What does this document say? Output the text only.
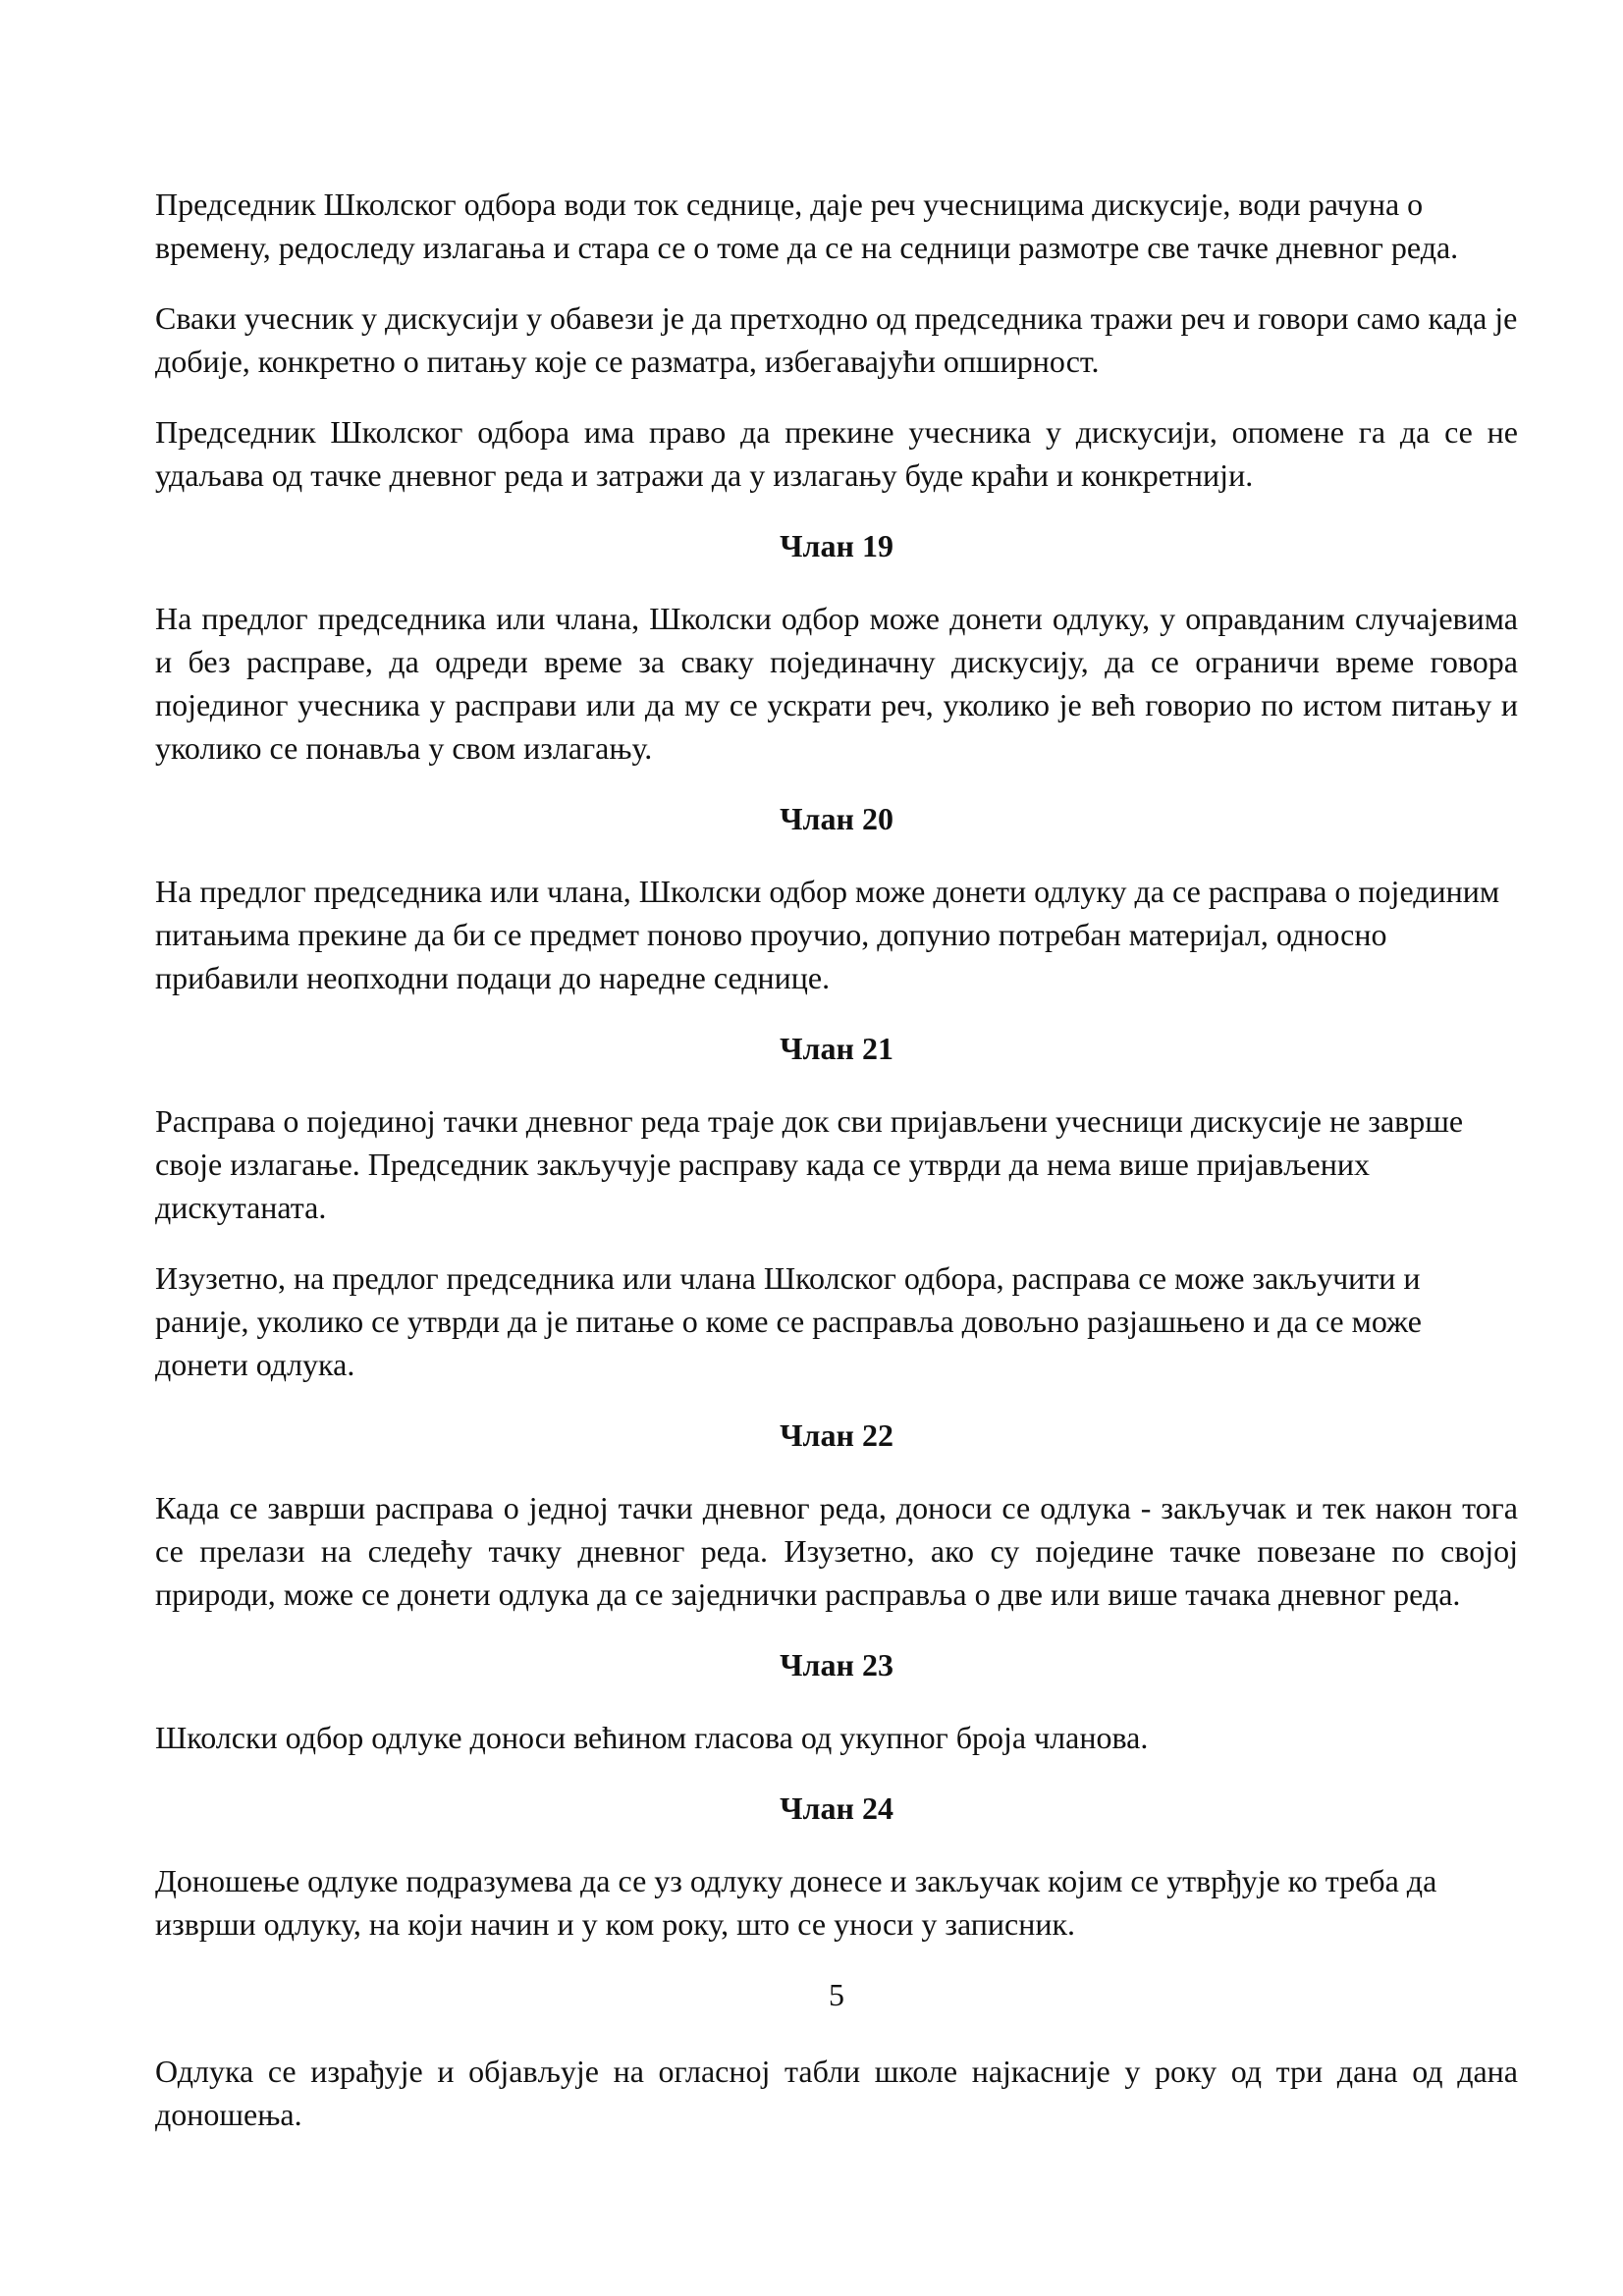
Председник Школског одбора води ток седнице, даје реч учесницима дискусије, води рачуна о времену, редоследу излагања и стара се о томе да се на седници размотре све тачке дневног реда.

Сваки учесник у дискусији у обавези је да претходно од председника тражи реч и говори само када је добије, конкретно о питању које се разматра, избегавајући опширност.

Председник Школског одбора има право да прекине учесника у дискусији, опомене га да се не удаљава од тачке дневног реда и затражи да у излагању буде краћи и конкретнији.

Члан 19

На предлог председника или члана, Школски одбор може донети одлуку, у оправданим случајевима и без расправе, да одреди време за сваку појединачну дискусију, да се ограничи време говора појединог учесника у расправи или да му се ускрати реч, уколико је већ говорио по истом питању и уколико се понавља у свом излагању.

Члан 20

На предлог председника или члана, Школски одбор може донети одлуку да се расправа о појединим питањима прекине да би се предмет поново проучио, допунио потребан материјал, односно прибавили неопходни подаци до наредне седнице.

Члан 21

Расправа о појединој тачки дневног реда траје док сви пријављени учесници дискусије не заврше своје излагање. Председник закључује расправу када се утврди да нема више пријављених дискутаната.

Изузетно, на предлог председника или члана Школског одбора, расправа се може закључити и раније, уколико се утврди да је питање о коме се расправља довољно разјашњено и да се може донети одлука.

Члан 22

Када се заврши расправа о једној тачки дневног реда, доноси се одлука - закључак и тек након тога се прелази на следећу тачку дневног реда. Изузетно, ако су поједине тачке повезане по својој природи, може се донети одлука да се заједнички расправља о две или више тачака дневног реда.

Члан 23

Школски одбор одлуке доноси већином гласова од укупног броја чланова.

Члан 24

Доношење одлуке подразумева да се уз одлуку донесе и закључак којим се утврђује ко треба да изврши одлуку, на који начин и у ком року, што се уноси у записник.

5

Одлука се израђује и објављује на огласној табли школе најкасније у року од три дана од дана доношења.
